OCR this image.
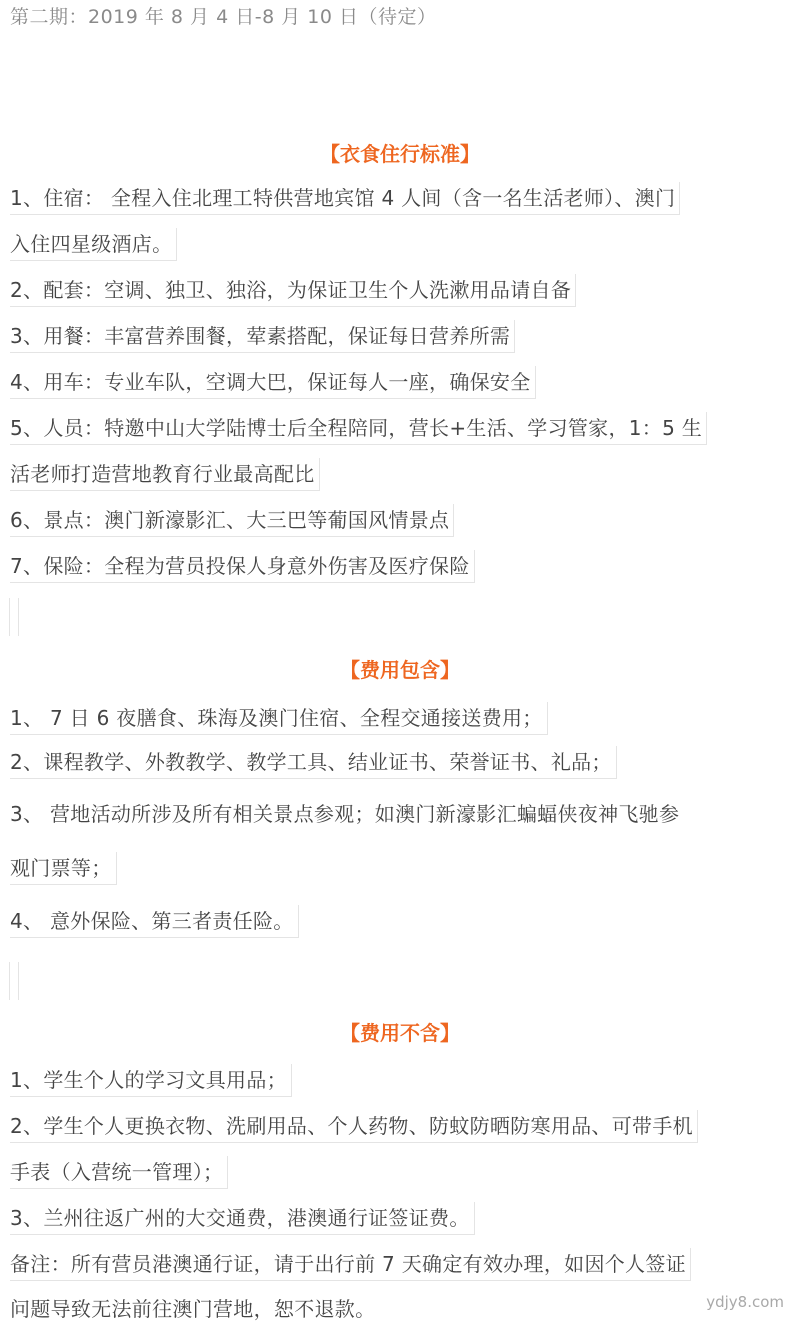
第二期：2019 年 8 月 4 日-8 月 10 日（待定）
【衣食住行标准】
1、住宿： 全程入住北理工特供营地宾馆 4 人间（含一名生活老师）、澳门
入住四星级酒店。
2、配套：空调、独卫、独浴，为保证卫生个人洗漱用品请自备
3、用餐：丰富营养围餐，荤素搭配，保证每日营养所需
4、用车：专业车队，空调大巴，保证每人一座，确保安全
5、人员：特邀中山大学陆博士后全程陪同，营长+生活、学习管家，1：5 生
活老师打造营地教育行业最高配比
6、景点：澳门新濠影汇、大三巴等葡国风情景点
7、保险：全程为营员投保人身意外伤害及医疗保险
【费用包含】
1、 7 日 6 夜膳食、珠海及澳门住宿、全程交通接送费用；
2、课程教学、外教教学、教学工具、结业证书、荣誉证书、礼品；
3、 营地活动所涉及所有相关景点参观；如澳门新濠影汇蝙蝠侠夜神飞驰参
观门票等；
4、 意外保险、第三者责任险。
【费用不含】
1、学生个人的学习文具用品；
2、学生个人更换衣物、洗刷用品、个人药物、防蚊防晒防寒用品、可带手机
手表（入营统一管理）；
3、兰州往返广州的大交通费，港澳通行证签证费。
备注：所有营员港澳通行证，请于出行前 7 天确定有效办理，如因个人签证
问题导致无法前往澳门营地，恕不退款。	ydjy8.com
